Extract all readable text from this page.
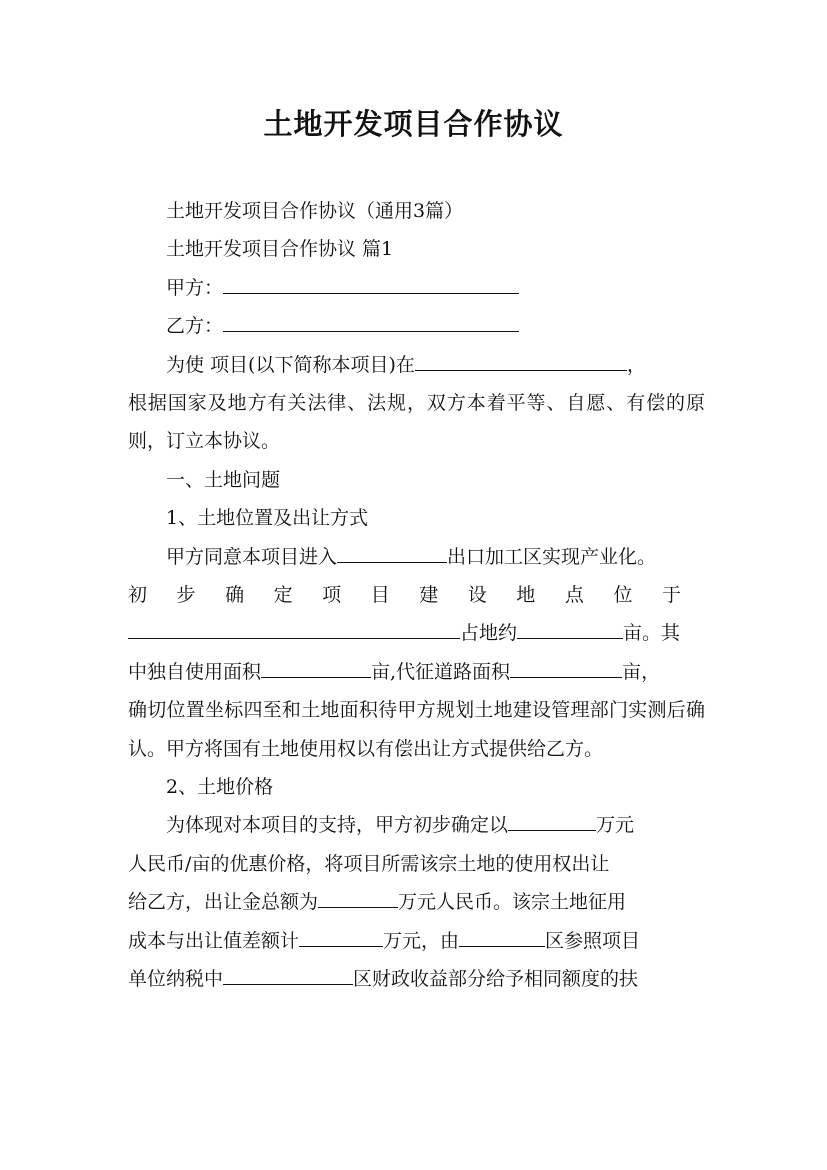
土地开发项目合作协议
土地开发项目合作协议（通用3篇）
土地开发项目合作协议 篇1
甲方：
乙方：
为使 项目(以下简称本项目)在	，
根据国家及地方有关法律、法规，双方本着平等、自愿、有偿的原则，订立本协议。
一、土地问题
1、土地位置及出让方式
甲方同意本项目进入	出口加工区实现产业化。
初步确定项目建设地点位于
占地约	亩。其
中独自使用面积	亩,代征道路面积	亩，
确切位置坐标四至和土地面积待甲方规划土地建设管理部门实测后确认。甲方将国有土地使用权以有偿出让方式提供给乙方。
2、土地价格
为体现对本项目的支持，甲方初步确定以	万元
人民币/亩的优惠价格，将项目所需该宗土地的使用权出让
给乙方，出让金总额为	万元人民币。该宗土地征用
成本与出让值差额计	万元，由	区参照项目
单位纳税中	区财政收益部分给予相同额度的扶
